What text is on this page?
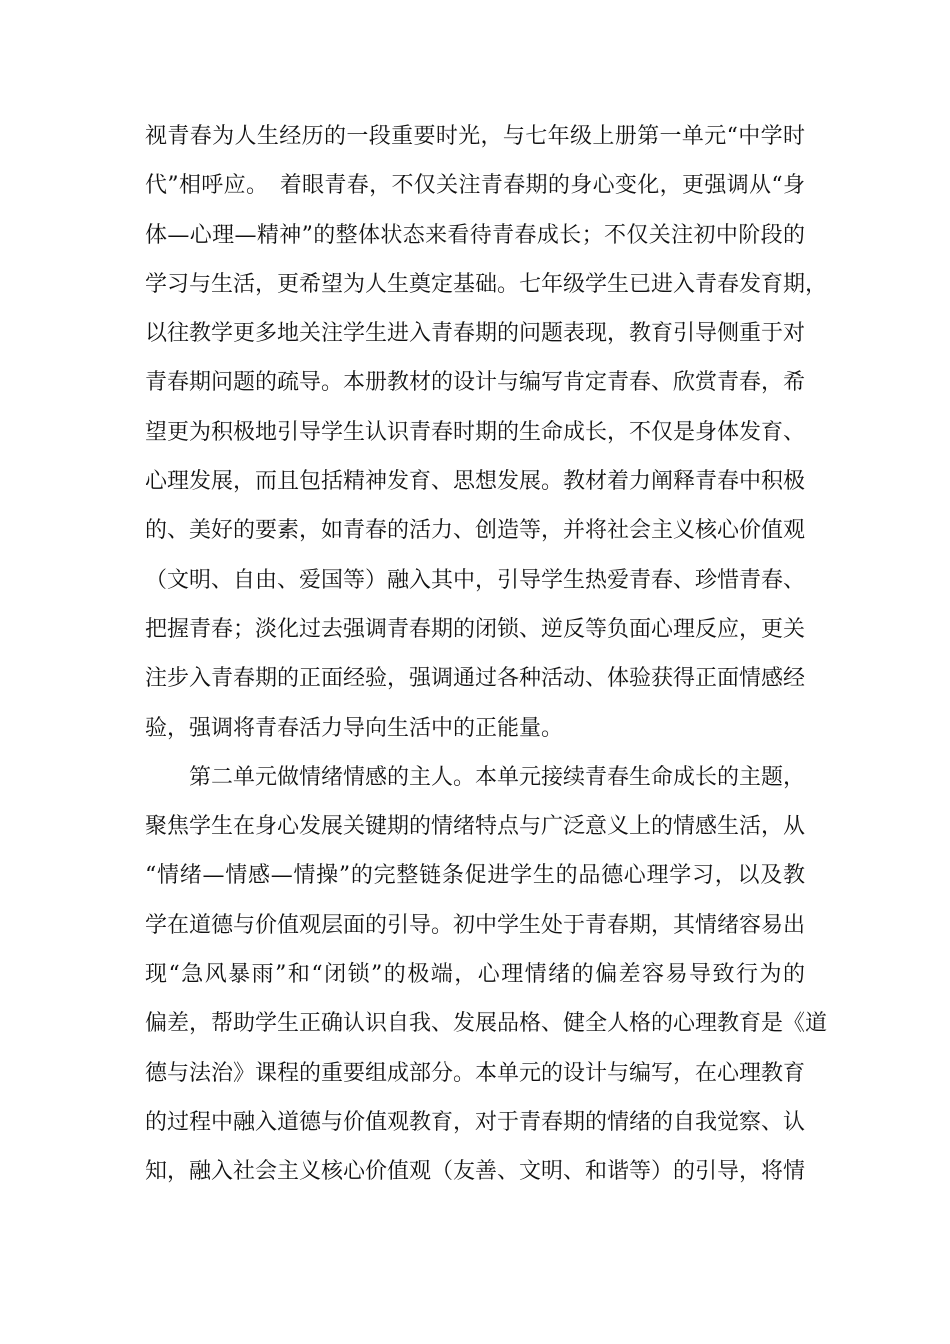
视青春为人生经历的一段重要时光，与七年级上册第一单元“中学时
代”相呼应。　着眼青春，不仅关注青春期的身心变化，更强调从“身
体—心理—精神”的整体状态来看待青春成长；不仅关注初中阶段的
学习与生活，更希望为人生奠定基础。七年级学生已进入青春发育期，
以往教学更多地关注学生进入青春期的问题表现，教育引导侧重于对
青春期问题的疏导。本册教材的设计与编写肯定青春、欣赏青春，希
望更为积极地引导学生认识青春时期的生命成长，不仅是身体发育、
心理发展，而且包括精神发育、思想发展。教材着力阐释青春中积极
的、美好的要素，如青春的活力、创造等，并将社会主义核心价值观
（文明、自由、爱国等）融入其中，引导学生热爱青春、珍惜青春、
把握青春；淡化过去强调青春期的闭锁、逆反等负面心理反应，更关
注步入青春期的正面经验，强调通过各种活动、体验获得正面情感经
验，强调将青春活力导向生活中的正能量。
第二单元做情绪情感的主人。本单元接续青春生命成长的主题，
聚焦学生在身心发展关键期的情绪特点与广泛意义上的情感生活，从
“情绪—情感—情操”的完整链条促进学生的品德心理学习，以及教
学在道德与价值观层面的引导。初中学生处于青春期，其情绪容易出
现“急风暴雨”和“闭锁”的极端，心理情绪的偏差容易导致行为的
偏差，帮助学生正确认识自我、发展品格、健全人格的心理教育是《道
德与法治》课程的重要组成部分。本单元的设计与编写，在心理教育
的过程中融入道德与价值观教育，对于青春期的情绪的自我觉察、认
知，融入社会主义核心价值观（友善、文明、和谐等）的引导，将情
